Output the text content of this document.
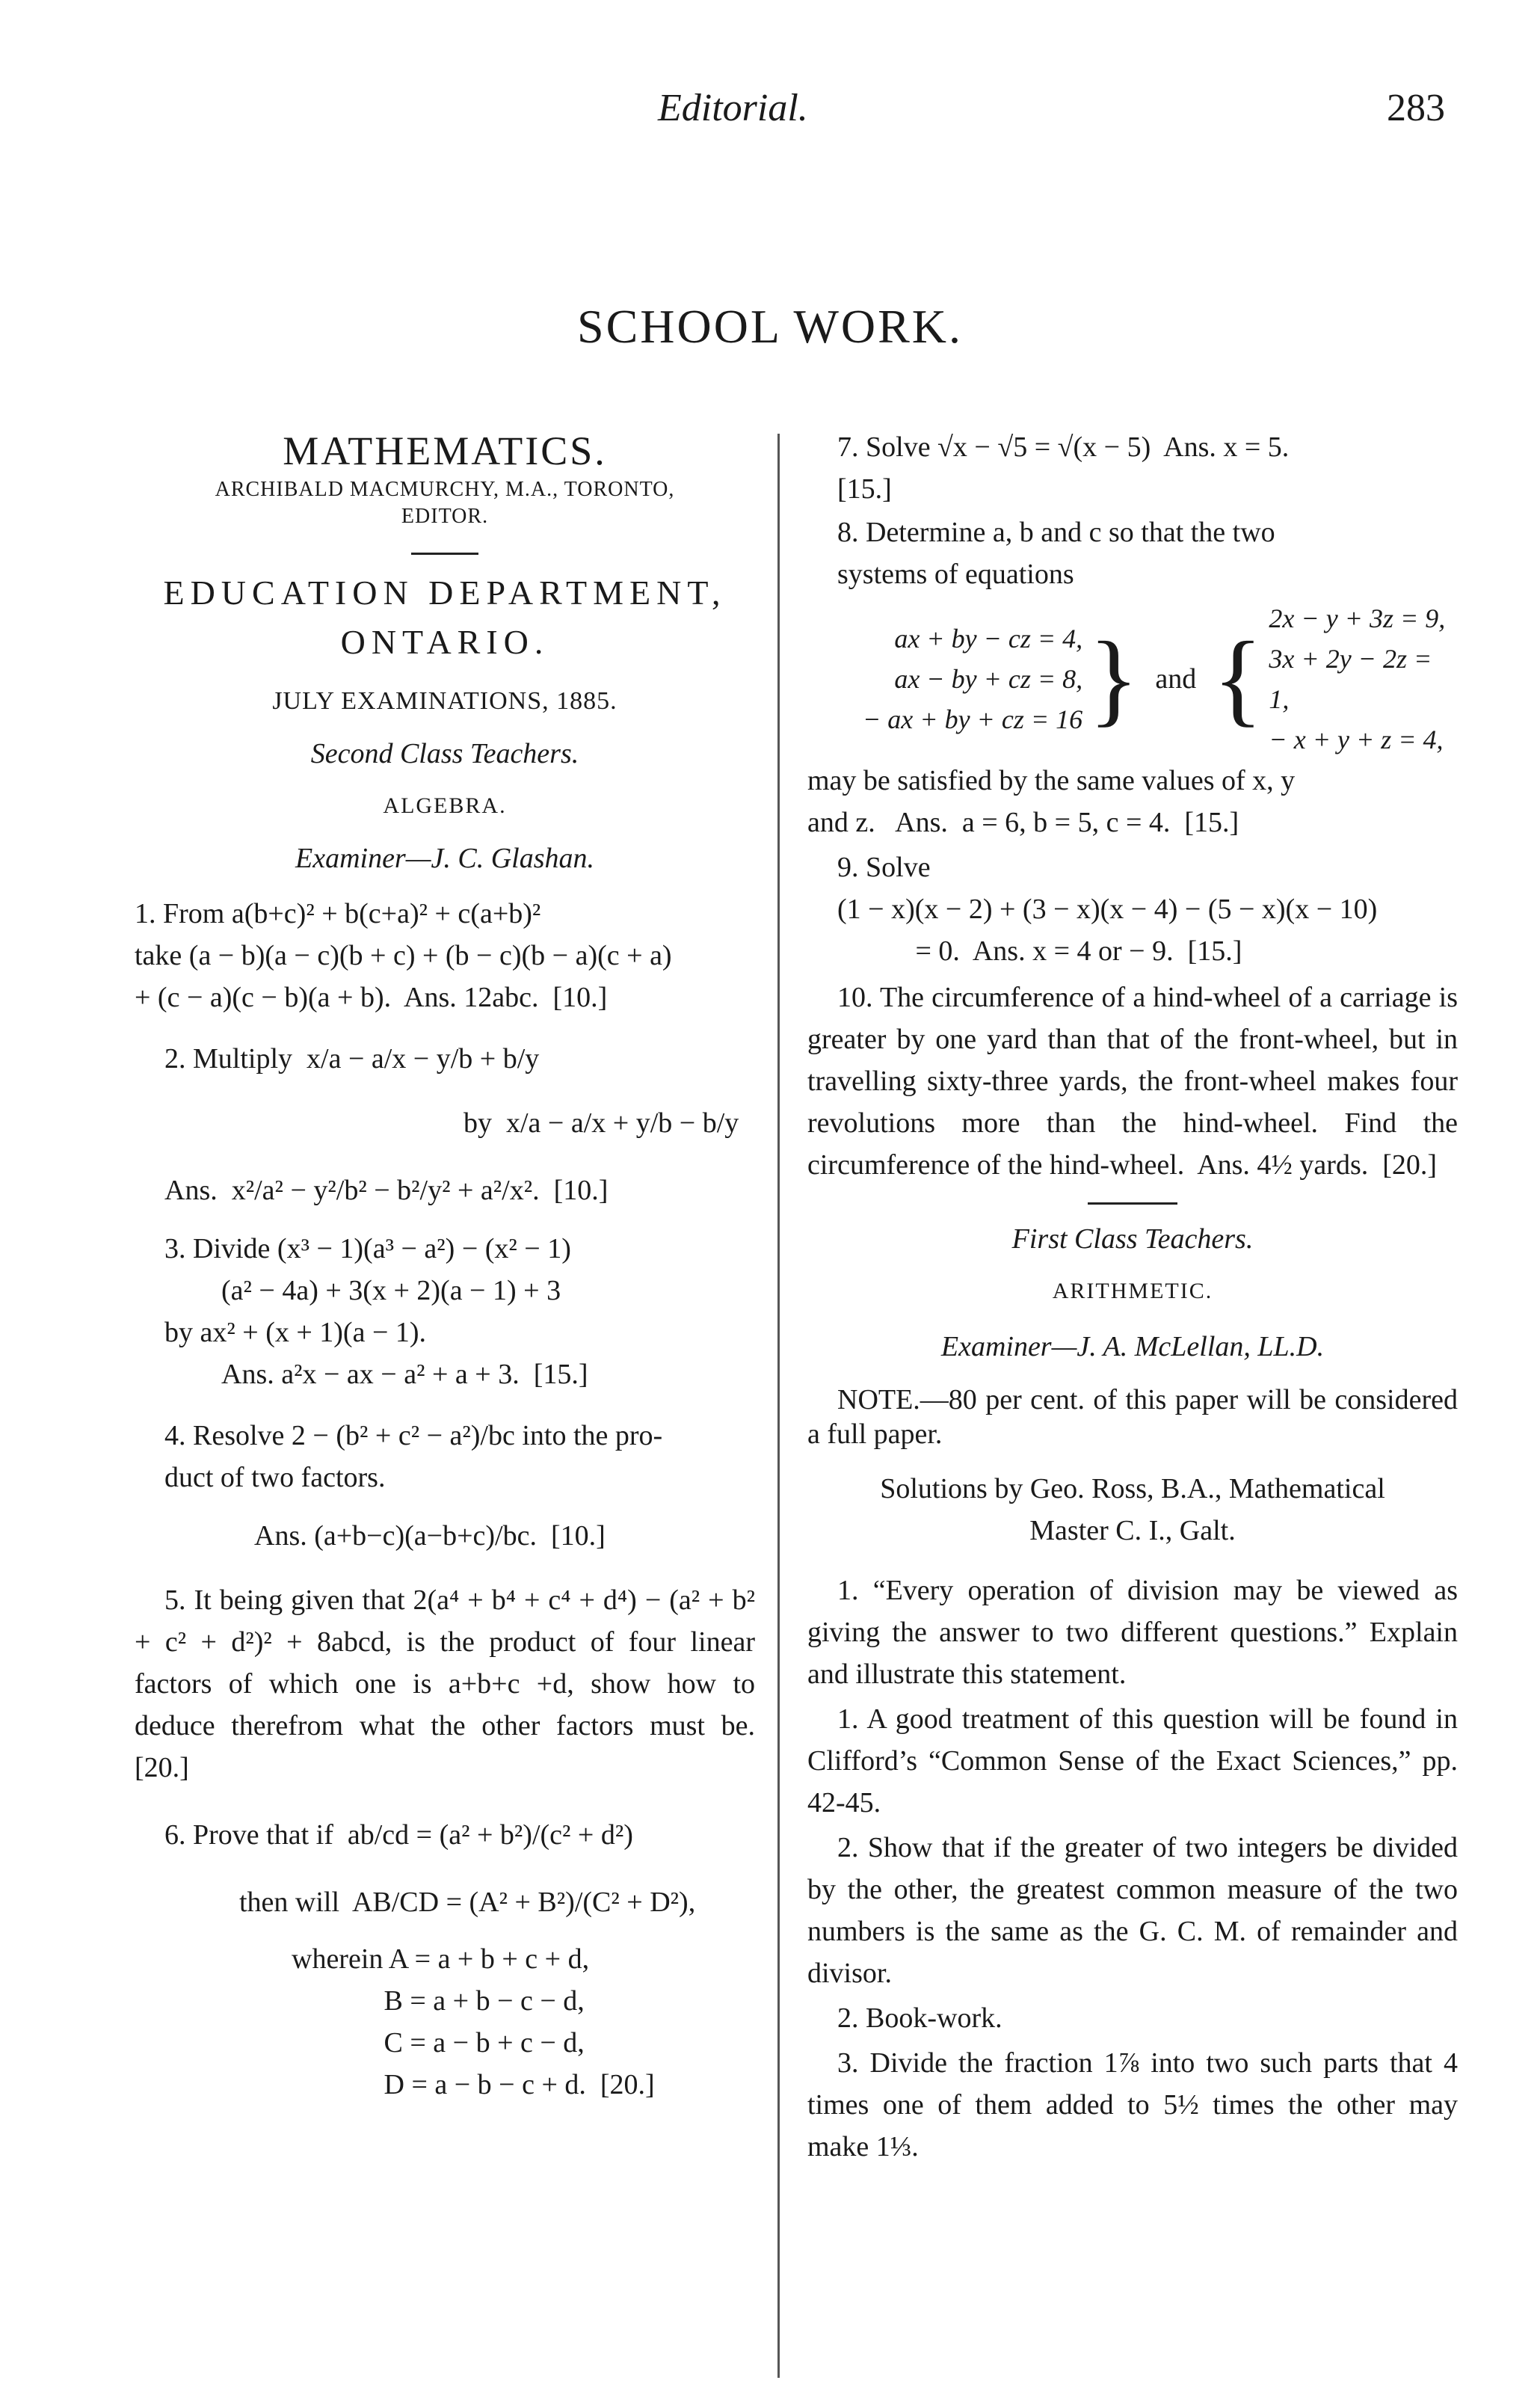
Editorial.	283
SCHOOL WORK.
MATHEMATICS.
ARCHIBALD MACMURCHY, M.A., TORONTO,
EDITOR.
EDUCATION DEPARTMENT,
ONTARIO.
JULY EXAMINATIONS, 1885.
Second Class Teachers.
ALGEBRA.
Examiner—J. C. Glashan.
1. From a(b+c)² + b(c+a)² + c(a+b)²
take (a − b)(a − c)(b + c) + (b − c)(b − a)(c + a)
+ (c − a)(c − b)(a + b).  Ans. 12abc.  [10.]
2. Multiply  x/a − a/x − y/b + b/y
by  x/a − a/x + y/b − b/y
Ans.  x²/a² − y²/b² − b²/y² + a²/x².  [10.]
3. Divide (x³ − 1)(a³ − a²) − (x² − 1)
(a² − 4a) + 3(x + 2)(a − 1) + 3
by ax² + (x + 1)(a − 1).
Ans. a²x − ax − a² + a + 3.  [15.]
4. Resolve 2 − (b² + c² − a²)/bc into the pro-
duct of two factors.
Ans. (a+b−c)(a−b+c)/bc.  [10.]
5. It being given that 2(a⁴ + b⁴ + c⁴ + d⁴) − (a² + b² + c² + d²)² + 8abcd, is the product of four linear factors of which one is a+b+c +d, show how to deduce therefrom what the other factors must be.  [20.]
6. Prove that if  ab/cd = (a² + b²)/(c² + d²)
then will  AB/CD = (A² + B²)/(C² + D²),
wherein A = a + b + c + d,
B = a + b − c − d,
C = a − b + c − d,
D = a − b − c + d.  [20.]
7. Solve √x − √5 = √(x − 5)  Ans. x = 5.
[15.]
8. Determine a, b and c so that the two
systems of equations
ax + by − cz = 4,
ax − by + cz = 8,
− ax + by + cz = 16 } and {
2x − y + 3z = 9,
3x + 2y − 2z = 1,
− x + y + z = 4,
may be satisfied by the same values of x, y
and z.   Ans.  a = 6, b = 5, c = 4.  [15.]
9. Solve
(1 − x)(x − 2) + (3 − x)(x − 4) − (5 − x)(x − 10)
= 0.  Ans. x = 4 or − 9.  [15.]
10. The circumference of a hind-wheel of a carriage is greater by one yard than that of the front-wheel, but in travelling sixty-three yards, the front-wheel makes four revolutions more than the hind-wheel. Find the circumference of the hind-wheel.  Ans. 4½ yards.  [20.]
First Class Teachers.
ARITHMETIC.
Examiner—J. A. McLellan, LL.D.
NOTE.—80 per cent. of this paper will be considered a full paper.
Solutions by Geo. Ross, B.A., Mathematical Master C. I., Galt.
1. “Every operation of division may be viewed as giving the answer to two different questions.” Explain and illustrate this statement.
1. A good treatment of this question will be found in Clifford’s “Common Sense of the Exact Sciences,” pp. 42-45.
2. Show that if the greater of two integers be divided by the other, the greatest common measure of the two numbers is the same as the G. C. M. of remainder and divisor.
2. Book-work.
3. Divide the fraction 1⅞ into two such parts that 4 times one of them added to 5½ times the other may make 1⅓.
